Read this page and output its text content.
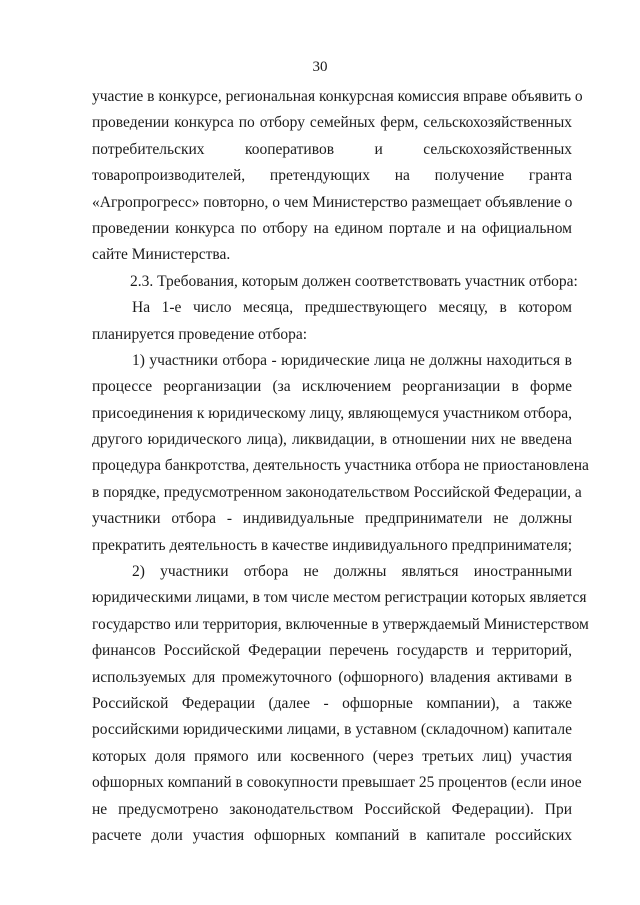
30
участие в конкурсе, региональная конкурсная комиссия вправе объявить о
проведении конкурса по отбору семейных ферм, сельскохозяйственных
потребительских кооперативов и сельскохозяйственных
товаропроизводителей, претендующих на получение гранта
«Агропрогресс» повторно, о чем Министерство размещает объявление о
проведении конкурса по отбору на едином портале и на официальном
сайте Министерства.
2.3. Требования, которым должен соответствовать участник отбора:
На 1-е число месяца, предшествующего месяцу, в котором
планируется проведение отбора:
1) участники отбора - юридические лица не должны находиться в
процессе реорганизации (за исключением реорганизации в форме
присоединения к юридическому лицу, являющемуся участником отбора,
другого юридического лица), ликвидации, в отношении них не введена
процедура банкротства, деятельность участника отбора не приостановлена
в порядке, предусмотренном законодательством Российской Федерации, а
участники отбора - индивидуальные предприниматели не должны
прекратить деятельность в качестве индивидуального предпринимателя;
2) участники отбора не должны являться иностранными
юридическими лицами, в том числе местом регистрации которых является
государство или территория, включенные в утверждаемый Министерством
финансов Российской Федерации перечень государств и территорий,
используемых для промежуточного (офшорного) владения активами в
Российской Федерации (далее - офшорные компании), а также
российскими юридическими лицами, в уставном (складочном) капитале
которых доля прямого или косвенного (через третьих лиц) участия
офшорных компаний в совокупности превышает 25 процентов (если иное
не предусмотрено законодательством Российской Федерации). При
расчете доли участия офшорных компаний в капитале российских
